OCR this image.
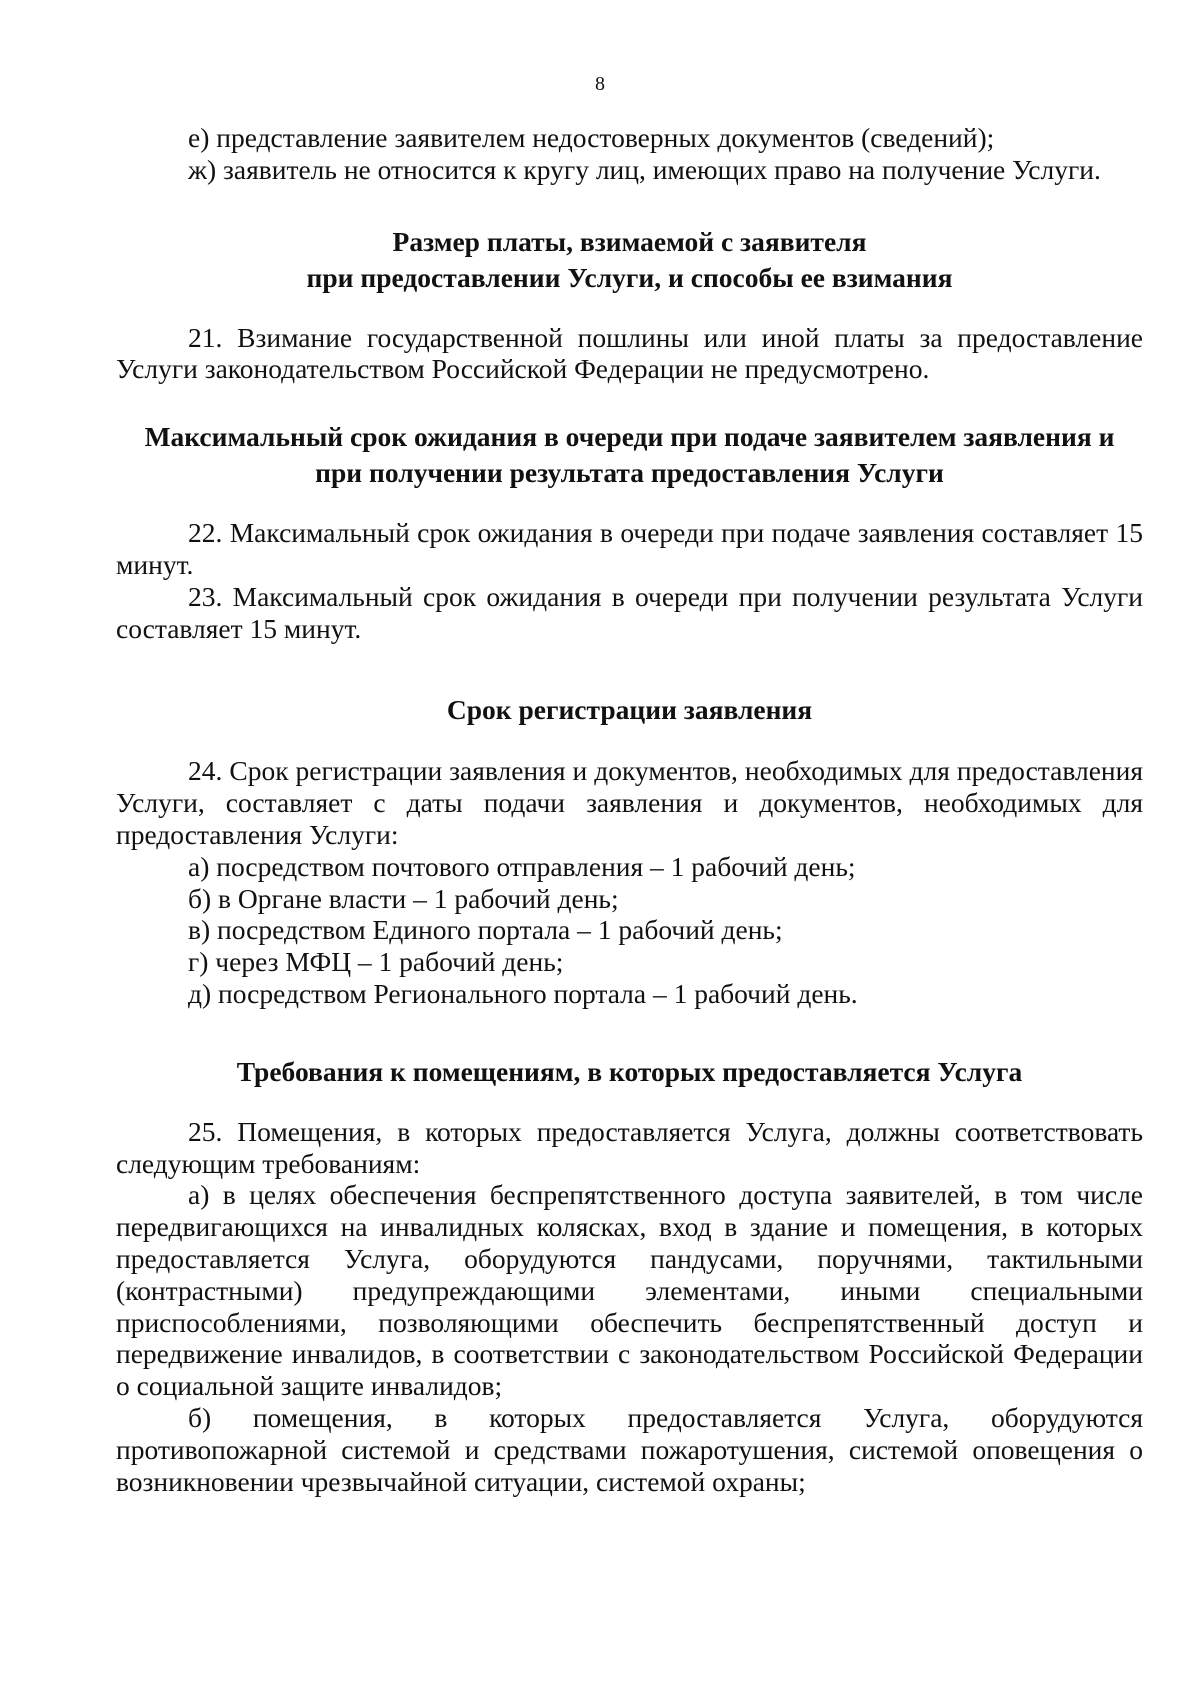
8

е) представление заявителем недостоверных документов (сведений);

ж) заявитель не относится к кругу лиц, имеющих право на получение Услуги.

Размер платы, взимаемой с заявителя

при предоставлении Услуги, и способы ее взимания

21. Взимание государственной пошлины или иной платы за предоставление Услуги законодательством Российской Федерации не предусмотрено.

Максимальный срок ожидания в очереди при подаче заявителем заявления и

при получении результата предоставления Услуги

22. Максимальный срок ожидания в очереди при подаче заявления составляет 15 минут.

23. Максимальный срок ожидания в очереди при получении результата Услуги составляет 15 минут.

Срок регистрации заявления

24. Срок регистрации заявления и документов, необходимых для предоставления Услуги, составляет с даты подачи заявления и документов, необходимых для предоставления Услуги:

а) посредством почтового отправления – 1 рабочий день;

б) в Органе власти – 1 рабочий день;

в) посредством Единого портала – 1 рабочий день;

г) через МФЦ – 1 рабочий день;

д) посредством Регионального портала – 1 рабочий день.

Требования к помещениям, в которых предоставляется Услуга

25. Помещения, в которых предоставляется Услуга, должны соответствовать следующим требованиям:

а) в целях обеспечения беспрепятственного доступа заявителей, в том числе передвигающихся на инвалидных колясках, вход в здание и помещения, в которых предоставляется Услуга, оборудуются пандусами, поручнями, тактильными (контрастными) предупреждающими элементами, иными специальными приспособлениями, позволяющими обеспечить беспрепятственный доступ и передвижение инвалидов, в соответствии с законодательством Российской Федерации о социальной защите инвалидов;

б) помещения, в которых предоставляется Услуга, оборудуются противопожарной системой и средствами пожаротушения, системой оповещения о возникновении чрезвычайной ситуации, системой охраны;
